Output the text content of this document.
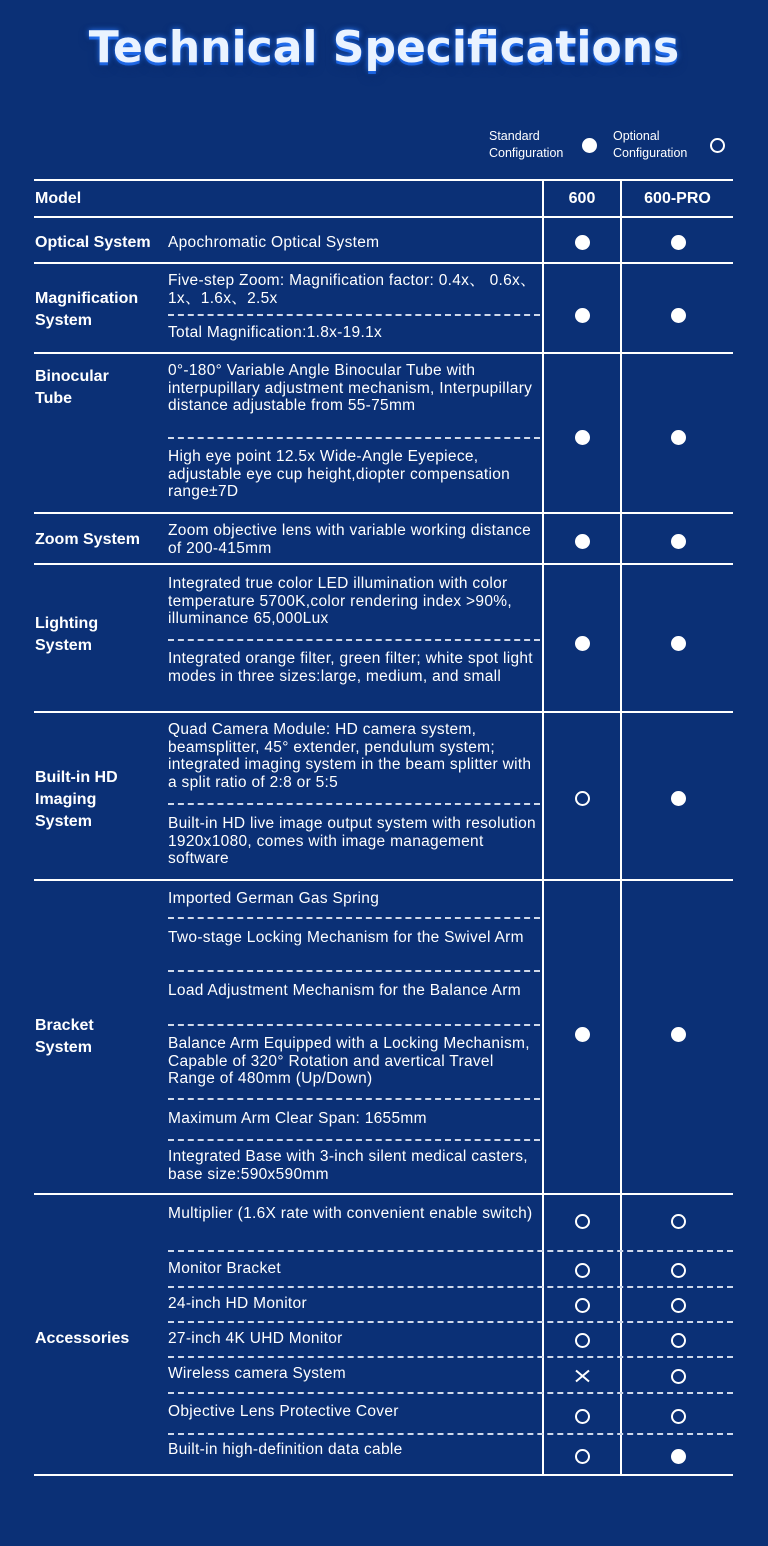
Technical Specifications
Standard Configuration
Optional Configuration
Model	600	600-PRO
Optical System Apochromatic Optical System
Magnification System
Five-step Zoom: Magnification factor: 0.4x、 0.6x、 1x、1.6x、2.5x
Total Magnification:1.8x-19.1x
Binocular Tube
0°-180° Variable Angle Binocular Tube with interpupillary adjustment mechanism, Interpupillary distance adjustable from 55-75mm
High eye point 12.5x Wide-Angle Eyepiece, adjustable eye cup height,diopter compensation range±7D
Zoom System
Zoom objective lens with variable working distance of 200-415mm
Lighting System
Integrated true color LED illumination with color temperature 5700K,color rendering index >90%, illuminance 65,000Lux
Integrated orange filter, green filter; white spot light modes in three sizes:large, medium, and small
Built-in HD Imaging System
Quad Camera Module: HD camera system, beamsplitter, 45° extender, pendulum system; integrated imaging system in the beam splitter with a split ratio of 2:8 or 5:5
Built-in HD live image output system with resolution 1920x1080, comes with image management software
Bracket System
Imported German Gas Spring
Two-stage Locking Mechanism for the Swivel Arm
Load Adjustment Mechanism for the Balance Arm
Balance Arm Equipped with a Locking Mechanism, Capable of 320° Rotation and avertical Travel Range of 480mm (Up/Down)
Maximum Arm Clear Span: 1655mm
Integrated Base with 3-inch silent medical casters, base size:590x590mm
Accessories
Multiplier (1.6X rate with convenient enable switch)
Monitor Bracket
24-inch HD Monitor
27-inch 4K UHD Monitor
Wireless camera System
Objective Lens Protective Cover
Built-in high-definition data cable
